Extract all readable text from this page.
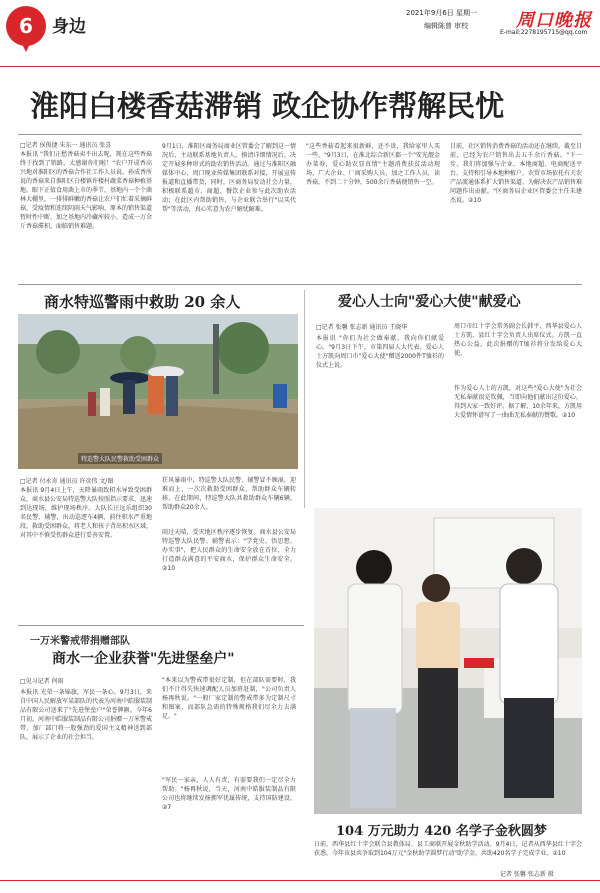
6	身边
2021年9月6日 星期一
编辑陈曾 审校	周口晚报
E-mail:2278195715@qq.com
淮阳白楼香菇滞销 政企协作帮解民忧
□记者 侯俊捷 朱东一 通讯员 张喜
本报讯 "我们正愁香菇卖不出去呢，现在这些香菇终于找到了销路，太感谢你们啦！"农户开成香高兴地对淮阳区的香菇合作社工作人员说。孙成香所说的香菇来自淮阳区白楼镇许楼村蔬菜香菇种植基地。眼下正值食用菌上市的季节，基地内一个个菌林大棚里，一排排鲜嫩的香菇让农户们忙着采摘鲜菇，受疫情和连续阴雨天气影响，原本的销售渠道暂时性中断，加之基地内冷藏库较小，造成一万余斤香菇滞积，面临销售难题。
9月1日，淮阳区商务局商业区管委会了解到这一情况后，主动联系基地负责人，摸清详细情况后，决定开展多种形式的助农销售活动。通过与淮阳区融媒体中心、周口现业传媒集团联系对接，开展宣传报道和直播带货，同时，区商务局发动社会力量，积极联系超市、商超、餐饮企业参与此次助农活动；在此区内帮助销售，与企业联合举行"以买代帮"等活动，真心实意为农户解忧解难。
"这些香菇看起来很新鲜，还不贵，我给家里人买一些。"9月3日，在淮北综合新区郡一个"安光靓金办菜券，爱心助农显真情"主题消费扶贫活动现场，广大企业、厂商采购人员，加之工作人员，读香菇，不到二十分钟，500余斤香菇便销售一空。
目前，社区销售消费香菇的活动还在继续。截至目前，已经为农户销售出去五千余斤香菇。"下一步，我们将加强与企业、本地商超、电商配送平台、支持和引导本地种植户，农贸市场依托有关农产品流通体系扩大销售渠道，为解决农产品销售难问题作出贡献。"区商务局企业区管委会主任朱建杰说。②10
商水特巡警雨中救助 20 余人
特巡警大队民警救助受困群众
□记者 付永奇 通讯员 许彦伟 文/图
本报讯 9月4日上午，天降暴雨致积水导致受困群众，商水县公安局特巡警大队按照指示要求，迅速到达现场，维护现场秩序。大队长汪远乐组织30名民警、辅警，出动巡逻车4辆，前往积水严重地段，救助受困群众，将老人和孩子背出积水区域，对其中不慎受伤群众进行妥善安置。
狂风暴雨中，特巡警大队民警、辅警冒不顾湿，迎难而上，一次次救助受困群众，帮助群众车辆转移，在此期间，特巡警大队共救助群众车辆6辆，帮助群众20余人。
雨过天晴，受灾地区秩序逐步恢复。商水县公安局特巡警大队民警、辅警表示："学党史、悟思想、办实事"，把人民群众的生命安全放在首位，全力打造群众满意的平安商水，保护群众生命安全。②10
爱心人士向"爱心大使"献爱心
□记者 张馨 张志新 通讯员 王晓华
本报讯 "你们为社会做奉献，我向你们献爱心。"9月3日下午，市第四届人大代表、爱心人士方凯向周口市"爱心大使"赠送2000件T恤衫的仪式上说。
周口市红十字会常务副会长韩平、西华县爱心人士方凯、县红十字会负责人出席仪式。方凯一直热心公益，此次捐赠的T恤衫将分发给爱心大使。
作为爱心人士的方凯，对这些"爱心大使"为社会无私奉献很是钦佩，当即向他们献出这份爱心，得到大家一致好评。据了解，10余年来，方凯用大爱情怀谱写了一曲曲无私奉献的赞歌。②10
104 万元助力 420 名学子金秋圆梦
日前，西华县红十字会联合县教体局、县工商联开展金秋助学活动。9月4日，记者从西华县红十字会获悉，今年该县共争取到104万元"金秋助学圆梦行动"助学金，共助420名学子完成学业。②10
记者 张馨 张志新 摄
一万米警戒带捐赠部队
商水一企业获誉"先进堡垒户"
□见习记者 何雨
本报讯 光荣一条锦旗，军民一条心。9月3日，来自中国人民解放军某部队的代表为河南中皓服装制品有限公司送来了"先进堡垒户"荣誉牌匾。今年6月初，河南中皓服装制品有限公司捐赠一万米警戒带，加厂部门将一股强劲的爱国主义精神送到部队，展示了企业的社会担当。
"本来以为警戒带很好定制，但在部队需要时，我们不计得失快速调配人员加班赶制，"公司负责人杨再秋说。"一般厂家定制的警戒带多为定制尺寸和图案，而部队急需的特殊规格我们尽全力去满足。"
"军民一家亲，人人有责，有需要我们一定尽全力帮助。"杨再秋说，当天，河南中皓服装制品有限公司也将继续发扬拥军优属传统，支持国防建设。②7
